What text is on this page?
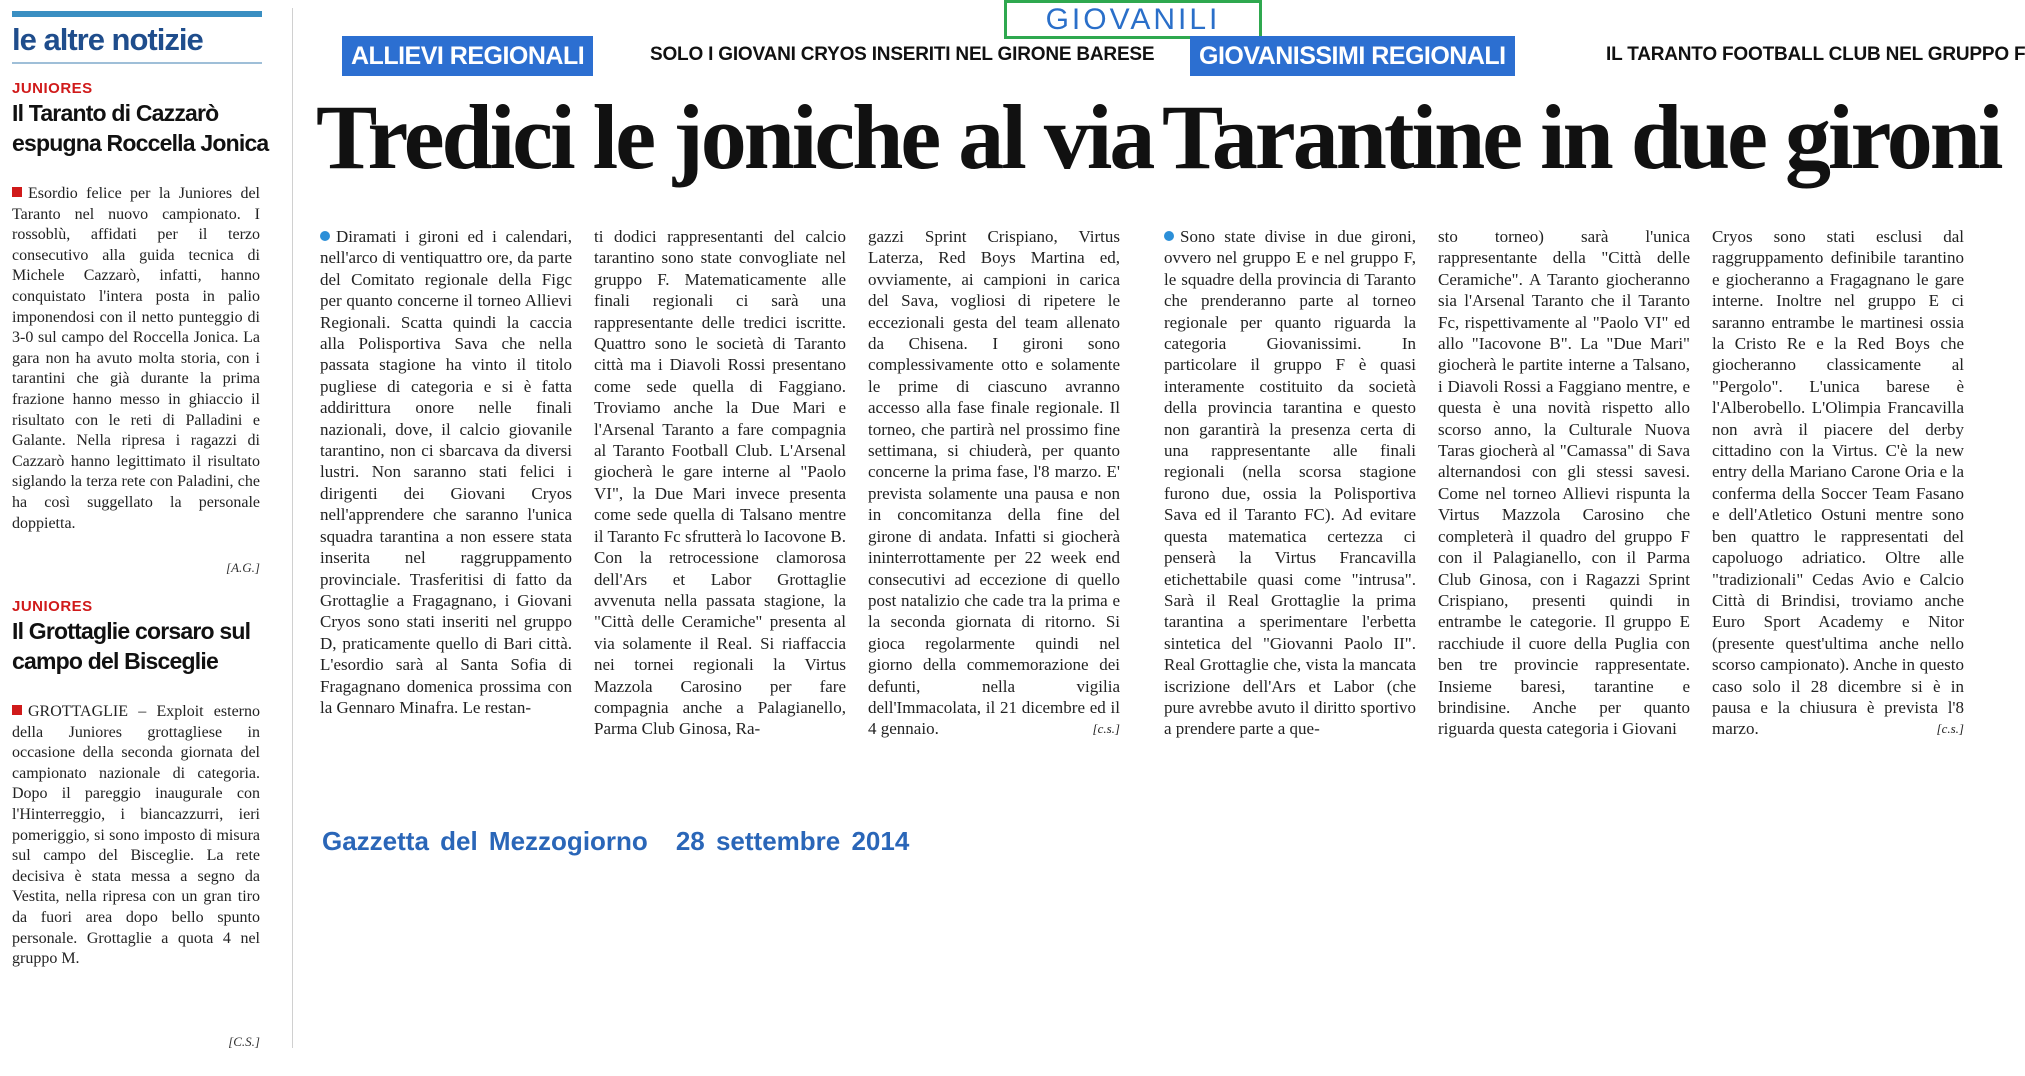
le altre notizie
JUNIORES
Il Taranto di Cazzarò espugna Roccella Jonica
Esordio felice per la Juniores del Taranto nel nuovo campionato. I rossoblù, affidati per il terzo consecutivo alla guida tecnica di Michele Cazzarò, infatti, hanno conquistato l'intera posta in palio imponendosi con il netto punteggio di 3-0 sul campo del Roccella Jonica. La gara non ha avuto molta storia, con i tarantini che già durante la prima frazione hanno messo in ghiaccio il risultato con le reti di Palladini e Galante. Nella ripresa i ragazzi di Cazzarò hanno legittimato il risultato siglando la terza rete con Paladini, che ha così suggellato la personale doppietta.
[A.G.]
JUNIORES
Il Grottaglie corsaro sul campo del Bisceglie
GROTTAGLIE – Exploit esterno della Juniores grottagliese in occasione della seconda giornata del campionato nazionale di categoria. Dopo il pareggio inaugurale con l'Hinterreggio, i biancazzurri, ieri pomeriggio, si sono imposto di misura sul campo del Bisceglie. La rete decisiva è stata messa a segno da Vestita, nella ripresa con un gran tiro da fuori area dopo bello spunto personale. Grottaglie a quota 4 nel gruppo M.
[C.S.]
GIOVANILI
ALLIEVI REGIONALI	SOLO I GIOVANI CRYOS INSERITI NEL GIRONE BARESE
Tredici le joniche al via
Diramati i gironi ed i calendari, nell'arco di ventiquattro ore, da parte del Comitato regionale della Figc per quanto concerne il torneo Allievi Regionali. Scatta quindi la caccia alla Polisportiva Sava che nella passata stagione ha vinto il titolo pugliese di categoria e si è fatta addirittura onore nelle finali nazionali, dove, il calcio giovanile tarantino, non ci sbarcava da diversi lustri. Non saranno stati felici i dirigenti dei Giovani Cryos nell'apprendere che saranno l'unica squadra tarantina a non essere stata inserita nel raggruppamento provinciale. Trasferitisi di fatto da Grottaglie a Fragagnano, i Giovani Cryos sono stati inseriti nel gruppo D, praticamente quello di Bari città. L'esordio sarà al Santa Sofia di Fragagnano domenica prossima con la Gennaro Minafra. Le restan-
ti dodici rappresentanti del calcio tarantino sono state convogliate nel gruppo F. Matematicamente alle finali regionali ci sarà una rappresentante delle tredici iscritte. Quattro sono le società di Taranto città ma i Diavoli Rossi presentano come sede quella di Faggiano. Troviamo anche la Due Mari e l'Arsenal Taranto a fare compagnia al Taranto Football Club. L'Arsenal giocherà le gare interne al "Paolo VI", la Due Mari invece presenta come sede quella di Talsano mentre il Taranto Fc sfrutterà lo Iacovone B. Con la retrocessione clamorosa dell'Ars et Labor Grottaglie avvenuta nella passata stagione, la "Città delle Ceramiche" presenta al via solamente il Real. Si riaffaccia nei tornei regionali la Virtus Mazzola Carosino per fare compagnia anche a Palagianello, Parma Club Ginosa, Ra-
gazzi Sprint Crispiano, Virtus Laterza, Red Boys Martina ed, ovviamente, ai campioni in carica del Sava, vogliosi di ripetere le eccezionali gesta del team allenato da Chisena. I gironi sono complessivamente otto e solamente le prime di ciascuno avranno accesso alla fase finale regionale. Il torneo, che partirà nel prossimo fine settimana, si chiuderà, per quanto concerne la prima fase, l'8 marzo. E' prevista solamente una pausa e non in concomitanza della fine del girone di andata. Infatti si giocherà ininterrottamente per 22 week end consecutivi ad eccezione di quello post natalizio che cade tra la prima e la seconda giornata di ritorno. Si gioca regolarmente quindi nel giorno della commemorazione dei defunti, nella vigilia dell'Immacolata, il 21 dicembre ed il 4 gennaio.	[c.s.]
GIOVANISSIMI REGIONALI	IL TARANTO FOOTBALL CLUB NEL GRUPPO F
Tarantine in due gironi
Sono state divise in due gironi, ovvero nel gruppo E e nel gruppo F, le squadre della provincia di Taranto che prenderanno parte al torneo regionale per quanto riguarda la categoria Giovanissimi. In particolare il gruppo F è quasi interamente costituito da società della provincia tarantina e questo non garantirà la presenza certa di una rappresentante alle finali regionali (nella scorsa stagione furono due, ossia la Polisportiva Sava ed il Taranto FC). Ad evitare questa matematica certezza ci penserà la Virtus Francavilla etichettabile quasi come "intrusa". Sarà il Real Grottaglie la prima tarantina a sperimentare l'erbetta sintetica del "Giovanni Paolo II". Real Grottaglie che, vista la mancata iscrizione dell'Ars et Labor (che pure avrebbe avuto il diritto sportivo a prendere parte a que-
sto torneo) sarà l'unica rappresentante della "Città delle Ceramiche". A Taranto giocheranno sia l'Arsenal Taranto che il Taranto Fc, rispettivamente al "Paolo VI" ed allo "Iacovone B". La "Due Mari" giocherà le partite interne a Talsano, i Diavoli Rossi a Faggiano mentre, e questa è una novità rispetto allo scorso anno, la Culturale Nuova Taras giocherà al "Camassa" di Sava alternandosi con gli stessi savesi. Come nel torneo Allievi rispunta la Virtus Mazzola Carosino che completerà il quadro del gruppo F con il Palagianello, con il Parma Club Ginosa, con i Ragazzi Sprint Crispiano, presenti quindi in entrambe le categorie. Il gruppo E racchiude il cuore della Puglia con ben tre provincie rappresentate. Insieme baresi, tarantine e brindisine. Anche per quanto riguarda questa categoria i Giovani
Cryos sono stati esclusi dal raggruppamento definibile tarantino e giocheranno a Fragagnano le gare interne. Inoltre nel gruppo E ci saranno entrambe le martinesi ossia la Cristo Re e la Red Boys che giocheranno classicamente al "Pergolo". L'unica barese è l'Alberobello. L'Olimpia Francavilla non avrà il piacere del derby cittadino con la Virtus. C'è la new entry della Mariano Carone Oria e la conferma della Soccer Team Fasano e dell'Atletico Ostuni mentre sono ben quattro le rappresentati del capoluogo adriatico. Oltre alle "tradizionali" Cedas Avio e Calcio Città di Brindisi, troviamo anche Euro Sport Academy e Nitor (presente quest'ultima anche nello scorso campionato). Anche in questo caso solo il 28 dicembre si è in pausa e la chiusura è prevista l'8 marzo.	[c.s.]
Gazzetta del Mezzogiorno 28 settembre 2014
